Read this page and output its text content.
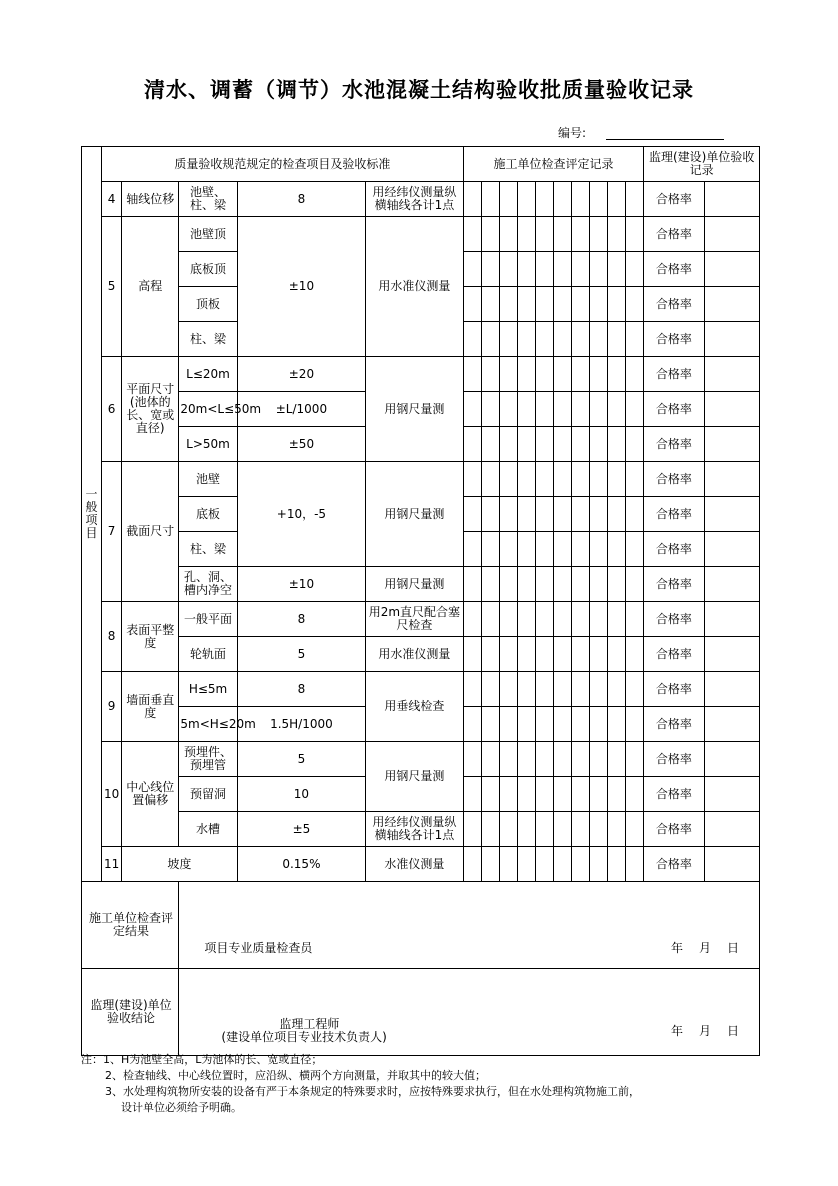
清水、调蓄（调节）水池混凝土结构验收批质量验收记录
编号:
一
般
项
目	质量验收规范规定的检查项目及验收标准					施工单位检查评定记录										监理(建设)单位验收记录	
	4	轴线位移	池壁、柱、梁	8	用经纬仪测量纵横轴线各计1点											合格率	
	5	高程	池壁顶	±10	用水准仪测量											合格率	
			底板顶													合格率	
			顶板													合格率	
			柱、梁													合格率	
	6	平面尺寸(池体的长、宽或直径)	L≤20m	±20	用钢尺量测											合格率	
			20m<L≤50m	±L/1000												合格率	
			L>50m	±50												合格率	
	7	截面尺寸	池壁	+10，-5	用钢尺量测											合格率	
			底板													合格率	
			柱、梁													合格率	
			孔、洞、槽内净空	±10	用钢尺量测											合格率	
	8	表面平整度	一般平面	8	用2m直尺配合塞尺检查											合格率	
			轮轨面	5	用水准仪测量											合格率	
	9	墙面垂直度	H≤5m	8	用垂线检查											合格率	
			5m<H≤20m	1.5H/1000												合格率	
	10	中心线位置偏移	预埋件、预埋管	5	用钢尺量测											合格率	
			预留洞	10												合格率	
			水槽	±5	用经纬仪测量纵横轴线各计1点											合格率	
	11	坡度		0.15%	水准仪测量											合格率	

施工单位检查评定结果			项目专业质量检查员 年　月　日														

监理(建设)单位验收结论			监理工程师
(建设单位项目专业技术负责人) 年　月　日														
注：1、H为池壁全高，L为池体的长、宽或直径；
2、检查轴线、中心线位置时，应沿纵、横两个方向测量，并取其中的较大值；
3、水处理构筑物所安装的设备有严于本条规定的特殊要求时，应按特殊要求执行，但在水处理构筑物施工前，
设计单位必须给予明确。
